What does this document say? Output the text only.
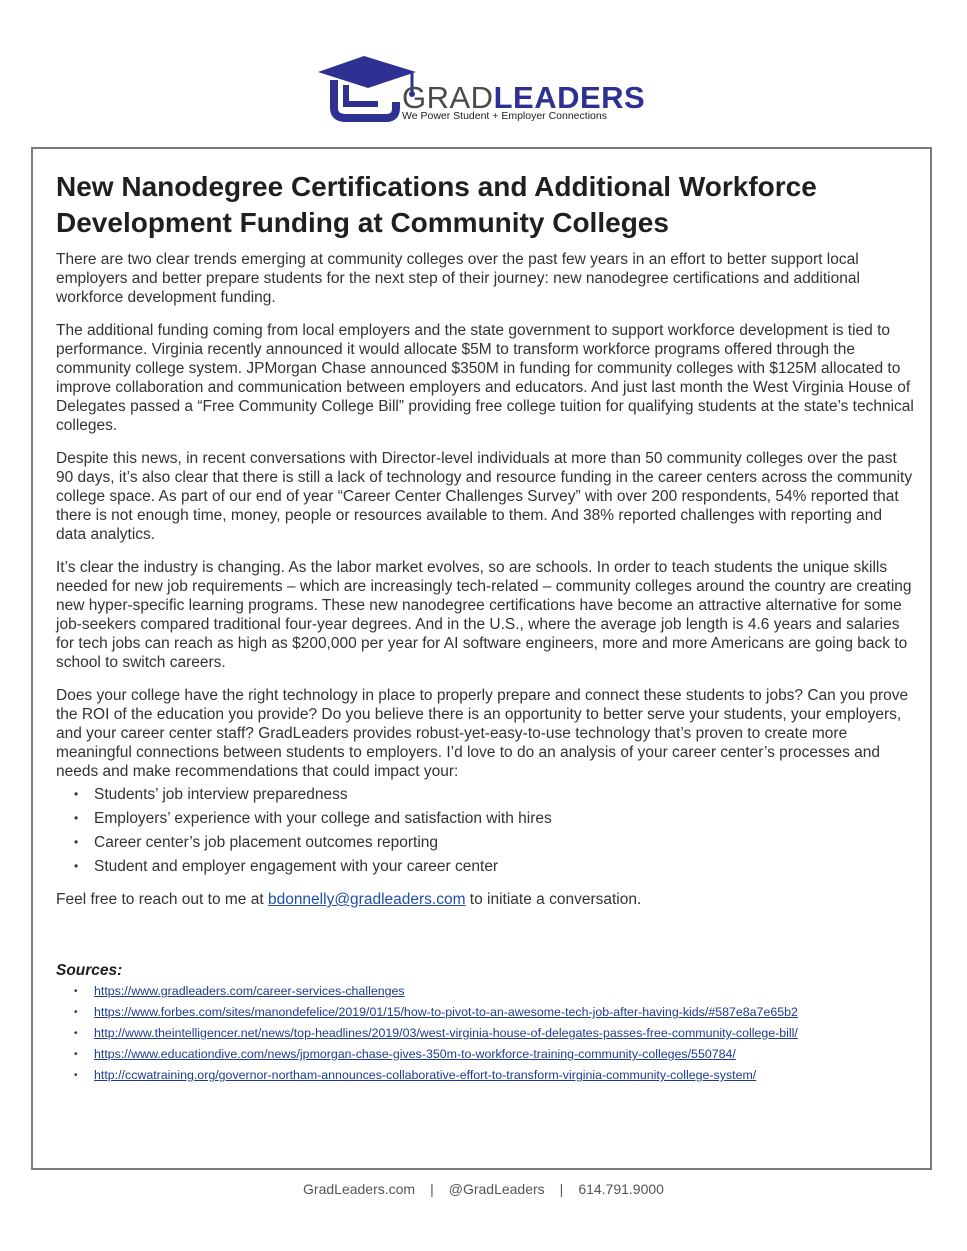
GRADLEADERS
We Power Student + Employer Connections
New Nanodegree Certifications and Additional Workforce Development Funding at Community Colleges

There are two clear trends emerging at community colleges over the past few years in an effort to better support local employers and better prepare students for the next step of their journey: new nanodegree certifications and additional workforce development funding.

The additional funding coming from local employers and the state government to support workforce development is tied to performance. Virginia recently announced it would allocate $5M to transform workforce programs offered through the community college system. JPMorgan Chase announced $350M in funding for community colleges with $125M allocated to improve collaboration and communication between employers and educators. And just last month the West Virginia House of Delegates passed a “Free Community College Bill” providing free college tuition for qualifying students at the state’s technical colleges.

Despite this news, in recent conversations with Director-level individuals at more than 50 community colleges over the past 90 days, it’s also clear that there is still a lack of technology and resource funding in the career centers across the community college space. As part of our end of year “Career Center Challenges Survey” with over 200 respondents, 54% reported that there is not enough time, money, people or resources available to them. And 38% reported challenges with reporting and data analytics.

It’s clear the industry is changing. As the labor market evolves, so are schools. In order to teach students the unique skills needed for new job requirements – which are increasingly tech-related – community colleges around the country are creating new hyper-specific learning programs. These new nanodegree certifications have become an attractive alternative for some job-seekers compared traditional four-year degrees. And in the U.S., where the average job length is 4.6 years and salaries for tech jobs can reach as high as $200,000 per year for AI software engineers, more and more Americans are going back to school to switch careers.

Does your college have the right technology in place to properly prepare and connect these students to jobs? Can you prove the ROI of the education you provide? Do you believe there is an opportunity to better serve your students, your employers, and your career center staff? GradLeaders provides robust-yet-easy-to-use technology that’s proven to create more meaningful connections between students to employers. I’d love to do an analysis of your career center’s processes and needs and make recommendations that could impact your:

• Students’ job interview preparedness
• Employers’ experience with your college and satisfaction with hires
• Career center’s job placement outcomes reporting
• Student and employer engagement with your career center

Feel free to reach out to me at bdonnelly@gradleaders.com to initiate a conversation.

Sources:
• https://www.gradleaders.com/career-services-challenges
• https://www.forbes.com/sites/manondefelice/2019/01/15/how-to-pivot-to-an-awesome-tech-job-after-having-kids/#587e8a7e65b2
• http://www.theintelligencer.net/news/top-headlines/2019/03/west-virginia-house-of-delegates-passes-free-community-college-bill/
• https://www.educationdive.com/news/jpmorgan-chase-gives-350m-to-workforce-training-community-colleges/550784/
• http://ccwatraining.org/governor-northam-announces-collaborative-effort-to-transform-virginia-community-college-system/
GradLeaders.com | @GradLeaders | 614.791.9000
